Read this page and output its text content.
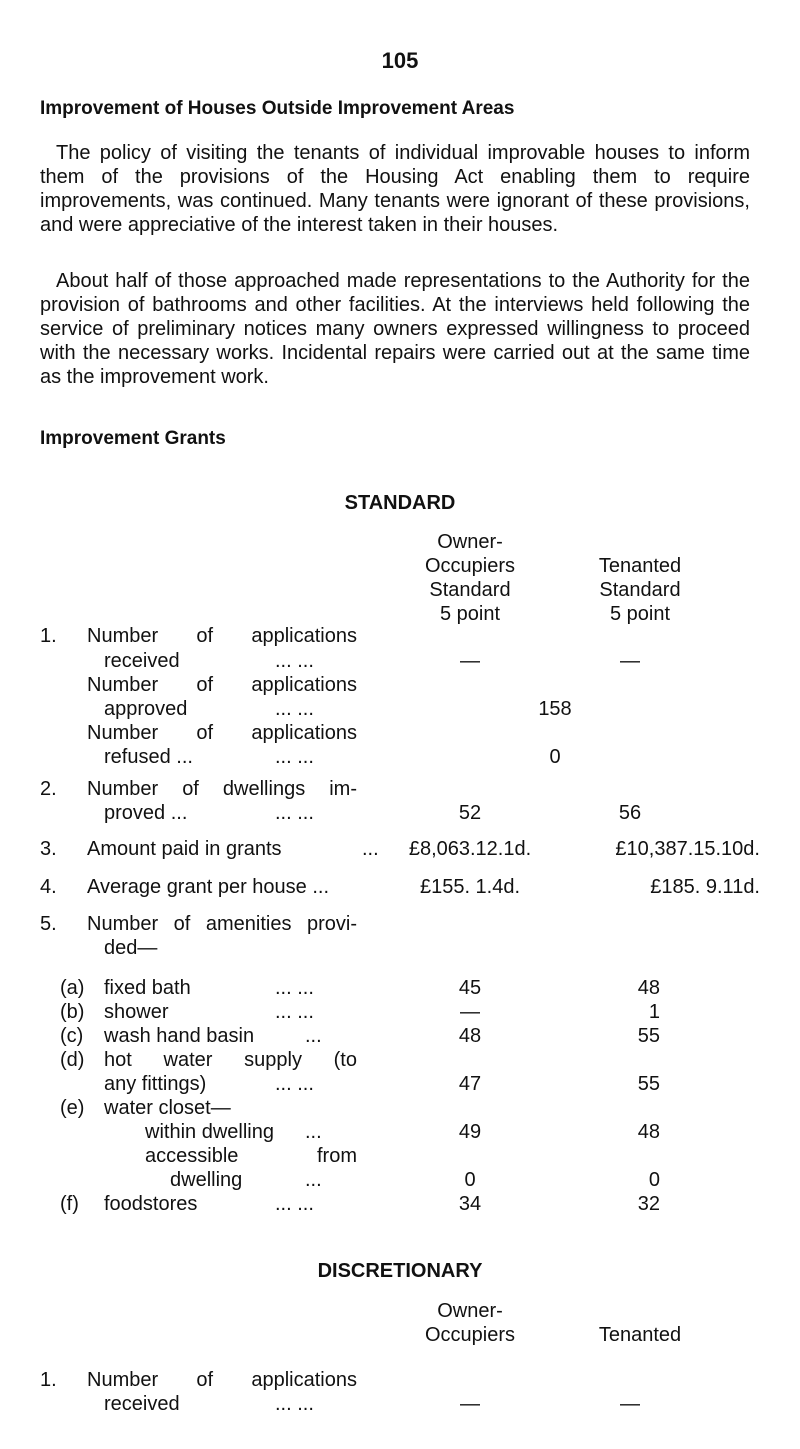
105
Improvement of Houses Outside Improvement Areas

The policy of visiting the tenants of individual improvable houses to inform them of the provisions of the Housing Act enabling them to require improvements, was continued. Many tenants were ignorant of these provisions, and were appreciative of the interest taken in their houses.

About half of those approached made representations to the Authority for the provision of bathrooms and other facilities. At the interviews held following the service of preliminary notices many owners expressed willingness to proceed with the necessary works. Incidental repairs were carried out at the same time as the improvement work.

Improvement Grants
STANDARD
Owner-
Occupiers
Standard
5 point
Tenanted
Standard
5 point
1. Number of applications
received	... ...	—	—
Number of applications
approved	... ...	158
Number of applications
refused ...	... ...	0
2. Number of dwellings im-
proved ...	... ...	52	56
3. Amount paid in grants	...	£8,063.12.1d.	£10,387.15.10d.
4. Average grant per house ...	£155. 1.4d.	£185. 9.11d.
5. Number of amenities provi-
ded—
(a) fixed bath	... ...	45	48
(b) shower	... ...	—	1
(c) wash hand basin	...	48	55
(d) hot water supply (to
any fittings)	... ...	47	55
(e) water closet—
within dwelling ...	49	48
accessible	from
dwelling	...	0	0
(f) foodstores	... ...	34	32
DISCRETIONARY
Owner-
Occupiers	Tenanted
1. Number of applications
received	... ...	—	—
